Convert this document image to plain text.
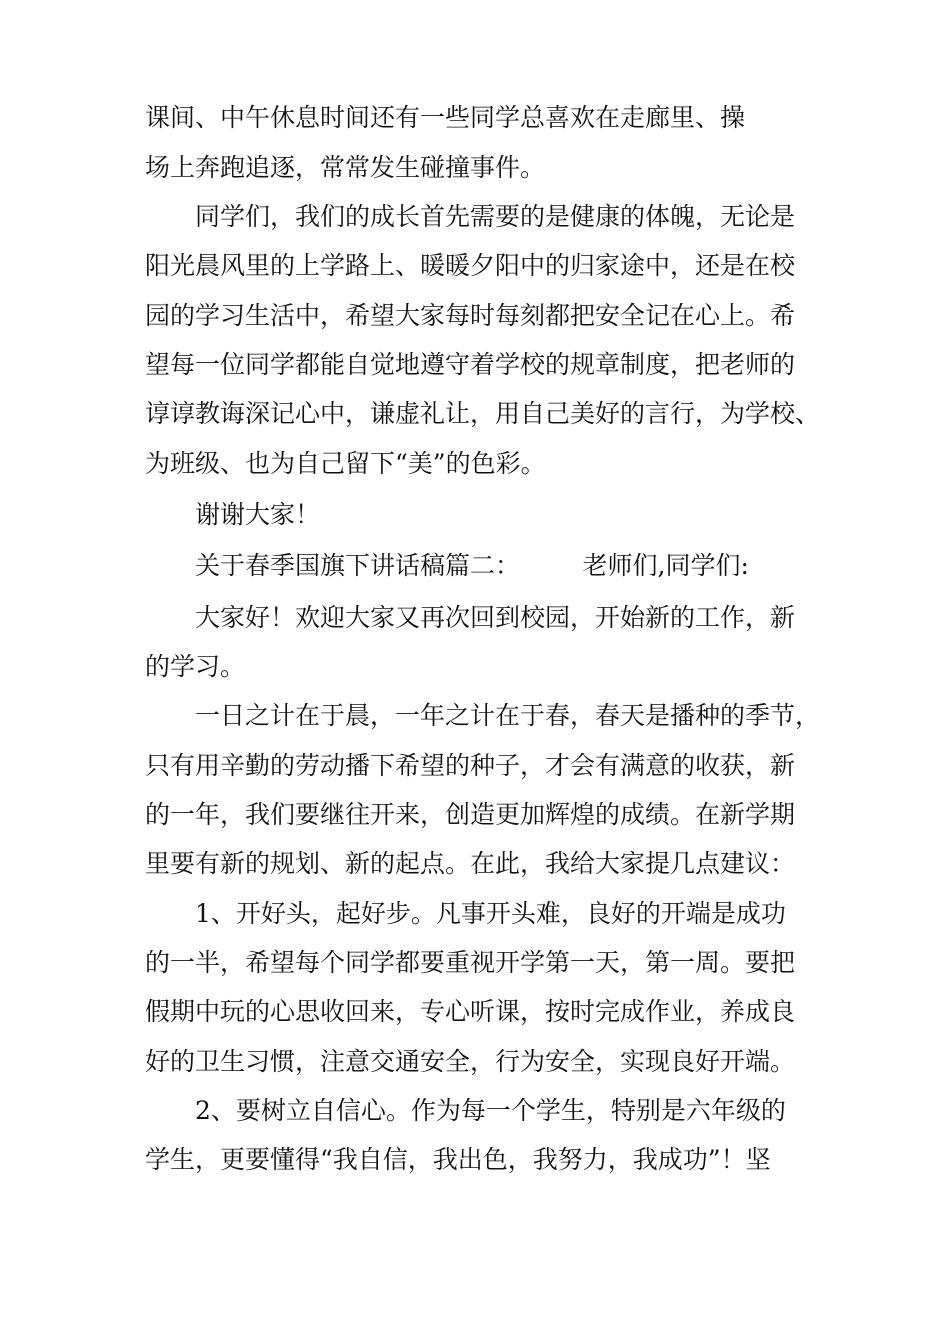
课间、中午休息时间还有一些同学总喜欢在走廊里、操
场上奔跑追逐，常常发生碰撞事件。
同学们，我们的成长首先需要的是健康的体魄，无论是
阳光晨风里的上学路上、暖暖夕阳中的归家途中，还是在校
园的学习生活中，希望大家每时每刻都把安全记在心上。希
望每一位同学都能自觉地遵守着学校的规章制度，把老师的
谆谆教诲深记心中，谦虚礼让，用自己美好的言行，为学校、
为班级、也为自己留下“美”的色彩。
谢谢大家！
关于春季国旗下讲话稿篇二：　　　老师们,同学们:
大家好！欢迎大家又再次回到校园，开始新的工作，新
的学习。
一日之计在于晨，一年之计在于春，春天是播种的季节，
只有用辛勤的劳动播下希望的种子，才会有满意的收获，新
的一年，我们要继往开来，创造更加辉煌的成绩。在新学期
里要有新的规划、新的起点。在此，我给大家提几点建议：
1、开好头，起好步。凡事开头难，良好的开端是成功
的一半，希望每个同学都要重视开学第一天，第一周。要把
假期中玩的心思收回来，专心听课，按时完成作业，养成良
好的卫生习惯，注意交通安全，行为安全，实现良好开端。
2、要树立自信心。作为每一个学生，特别是六年级的
学生，更要懂得“我自信，我出色，我努力，我成功”！坚
